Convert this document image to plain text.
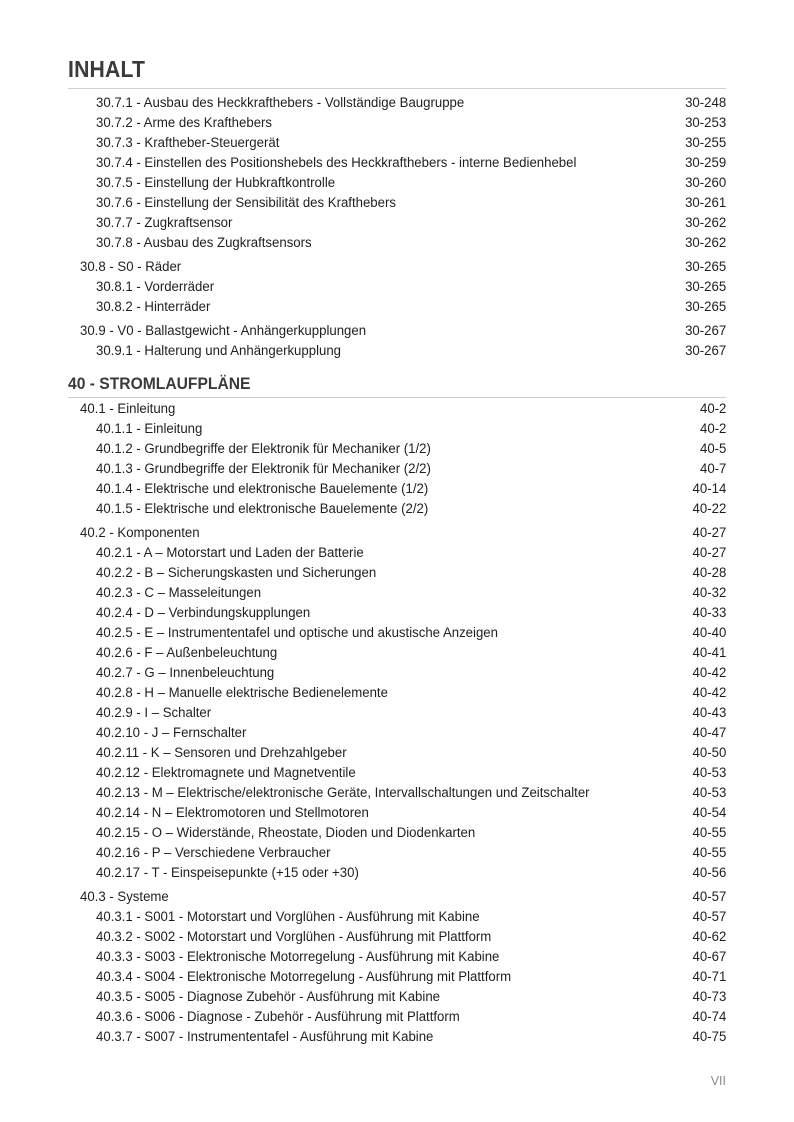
INHALT
30.7.1 - Ausbau des Heckkrafthebers - Vollständige Baugruppe	30-248
30.7.2 - Arme des Krafthebers	30-253
30.7.3 - Kraftheber-Steuergerät	30-255
30.7.4 - Einstellen des Positionshebels des Heckkrafthebers - interne Bedienhebel	30-259
30.7.5 - Einstellung der Hubkraftkontrolle	30-260
30.7.6 - Einstellung der Sensibilität des Krafthebers	30-261
30.7.7 - Zugkraftsensor	30-262
30.7.8 - Ausbau des Zugkraftsensors	30-262
30.8 - S0 - Räder	30-265
30.8.1 - Vorderräder	30-265
30.8.2 - Hinterräder	30-265
30.9 - V0 - Ballastgewicht - Anhängerkupplungen	30-267
30.9.1 - Halterung und Anhängerkupplung	30-267
40 - STROMLAUFPLÄNE
40.1 - Einleitung	40-2
40.1.1 - Einleitung	40-2
40.1.2 - Grundbegriffe der Elektronik für Mechaniker (1/2)	40-5
40.1.3 - Grundbegriffe der Elektronik für Mechaniker (2/2)	40-7
40.1.4 - Elektrische und elektronische Bauelemente (1/2)	40-14
40.1.5 - Elektrische und elektronische Bauelemente (2/2)	40-22
40.2 - Komponenten	40-27
40.2.1 - A – Motorstart und Laden der Batterie	40-27
40.2.2 - B – Sicherungskasten und Sicherungen	40-28
40.2.3 - C – Masseleitungen	40-32
40.2.4 - D – Verbindungskupplungen	40-33
40.2.5 - E – Instrumententafel und optische und akustische Anzeigen	40-40
40.2.6 - F – Außenbeleuchtung	40-41
40.2.7 - G – Innenbeleuchtung	40-42
40.2.8 - H – Manuelle elektrische Bedienelemente	40-42
40.2.9 - I – Schalter	40-43
40.2.10 - J – Fernschalter	40-47
40.2.11 - K – Sensoren und Drehzahlgeber	40-50
40.2.12 - Elektromagnete und Magnetventile	40-53
40.2.13 - M – Elektrische/elektronische Geräte, Intervallschaltungen und Zeitschalter	40-53
40.2.14 - N – Elektromotoren und Stellmotoren	40-54
40.2.15 - O – Widerstände, Rheostate, Dioden und Diodenkarten	40-55
40.2.16 - P – Verschiedene Verbraucher	40-55
40.2.17 - T - Einspeisepunkte (+15 oder +30)	40-56
40.3 - Systeme	40-57
40.3.1 - S001 - Motorstart und Vorglühen - Ausführung mit Kabine	40-57
40.3.2 - S002 - Motorstart und Vorglühen - Ausführung mit Plattform	40-62
40.3.3 - S003 - Elektronische Motorregelung - Ausführung mit Kabine	40-67
40.3.4 - S004 - Elektronische Motorregelung - Ausführung mit Plattform	40-71
40.3.5 - S005 - Diagnose Zubehör - Ausführung mit Kabine	40-73
40.3.6 - S006 - Diagnose - Zubehör - Ausführung mit Plattform	40-74
40.3.7 - S007 - Instrumententafel - Ausführung mit Kabine	40-75
VII
